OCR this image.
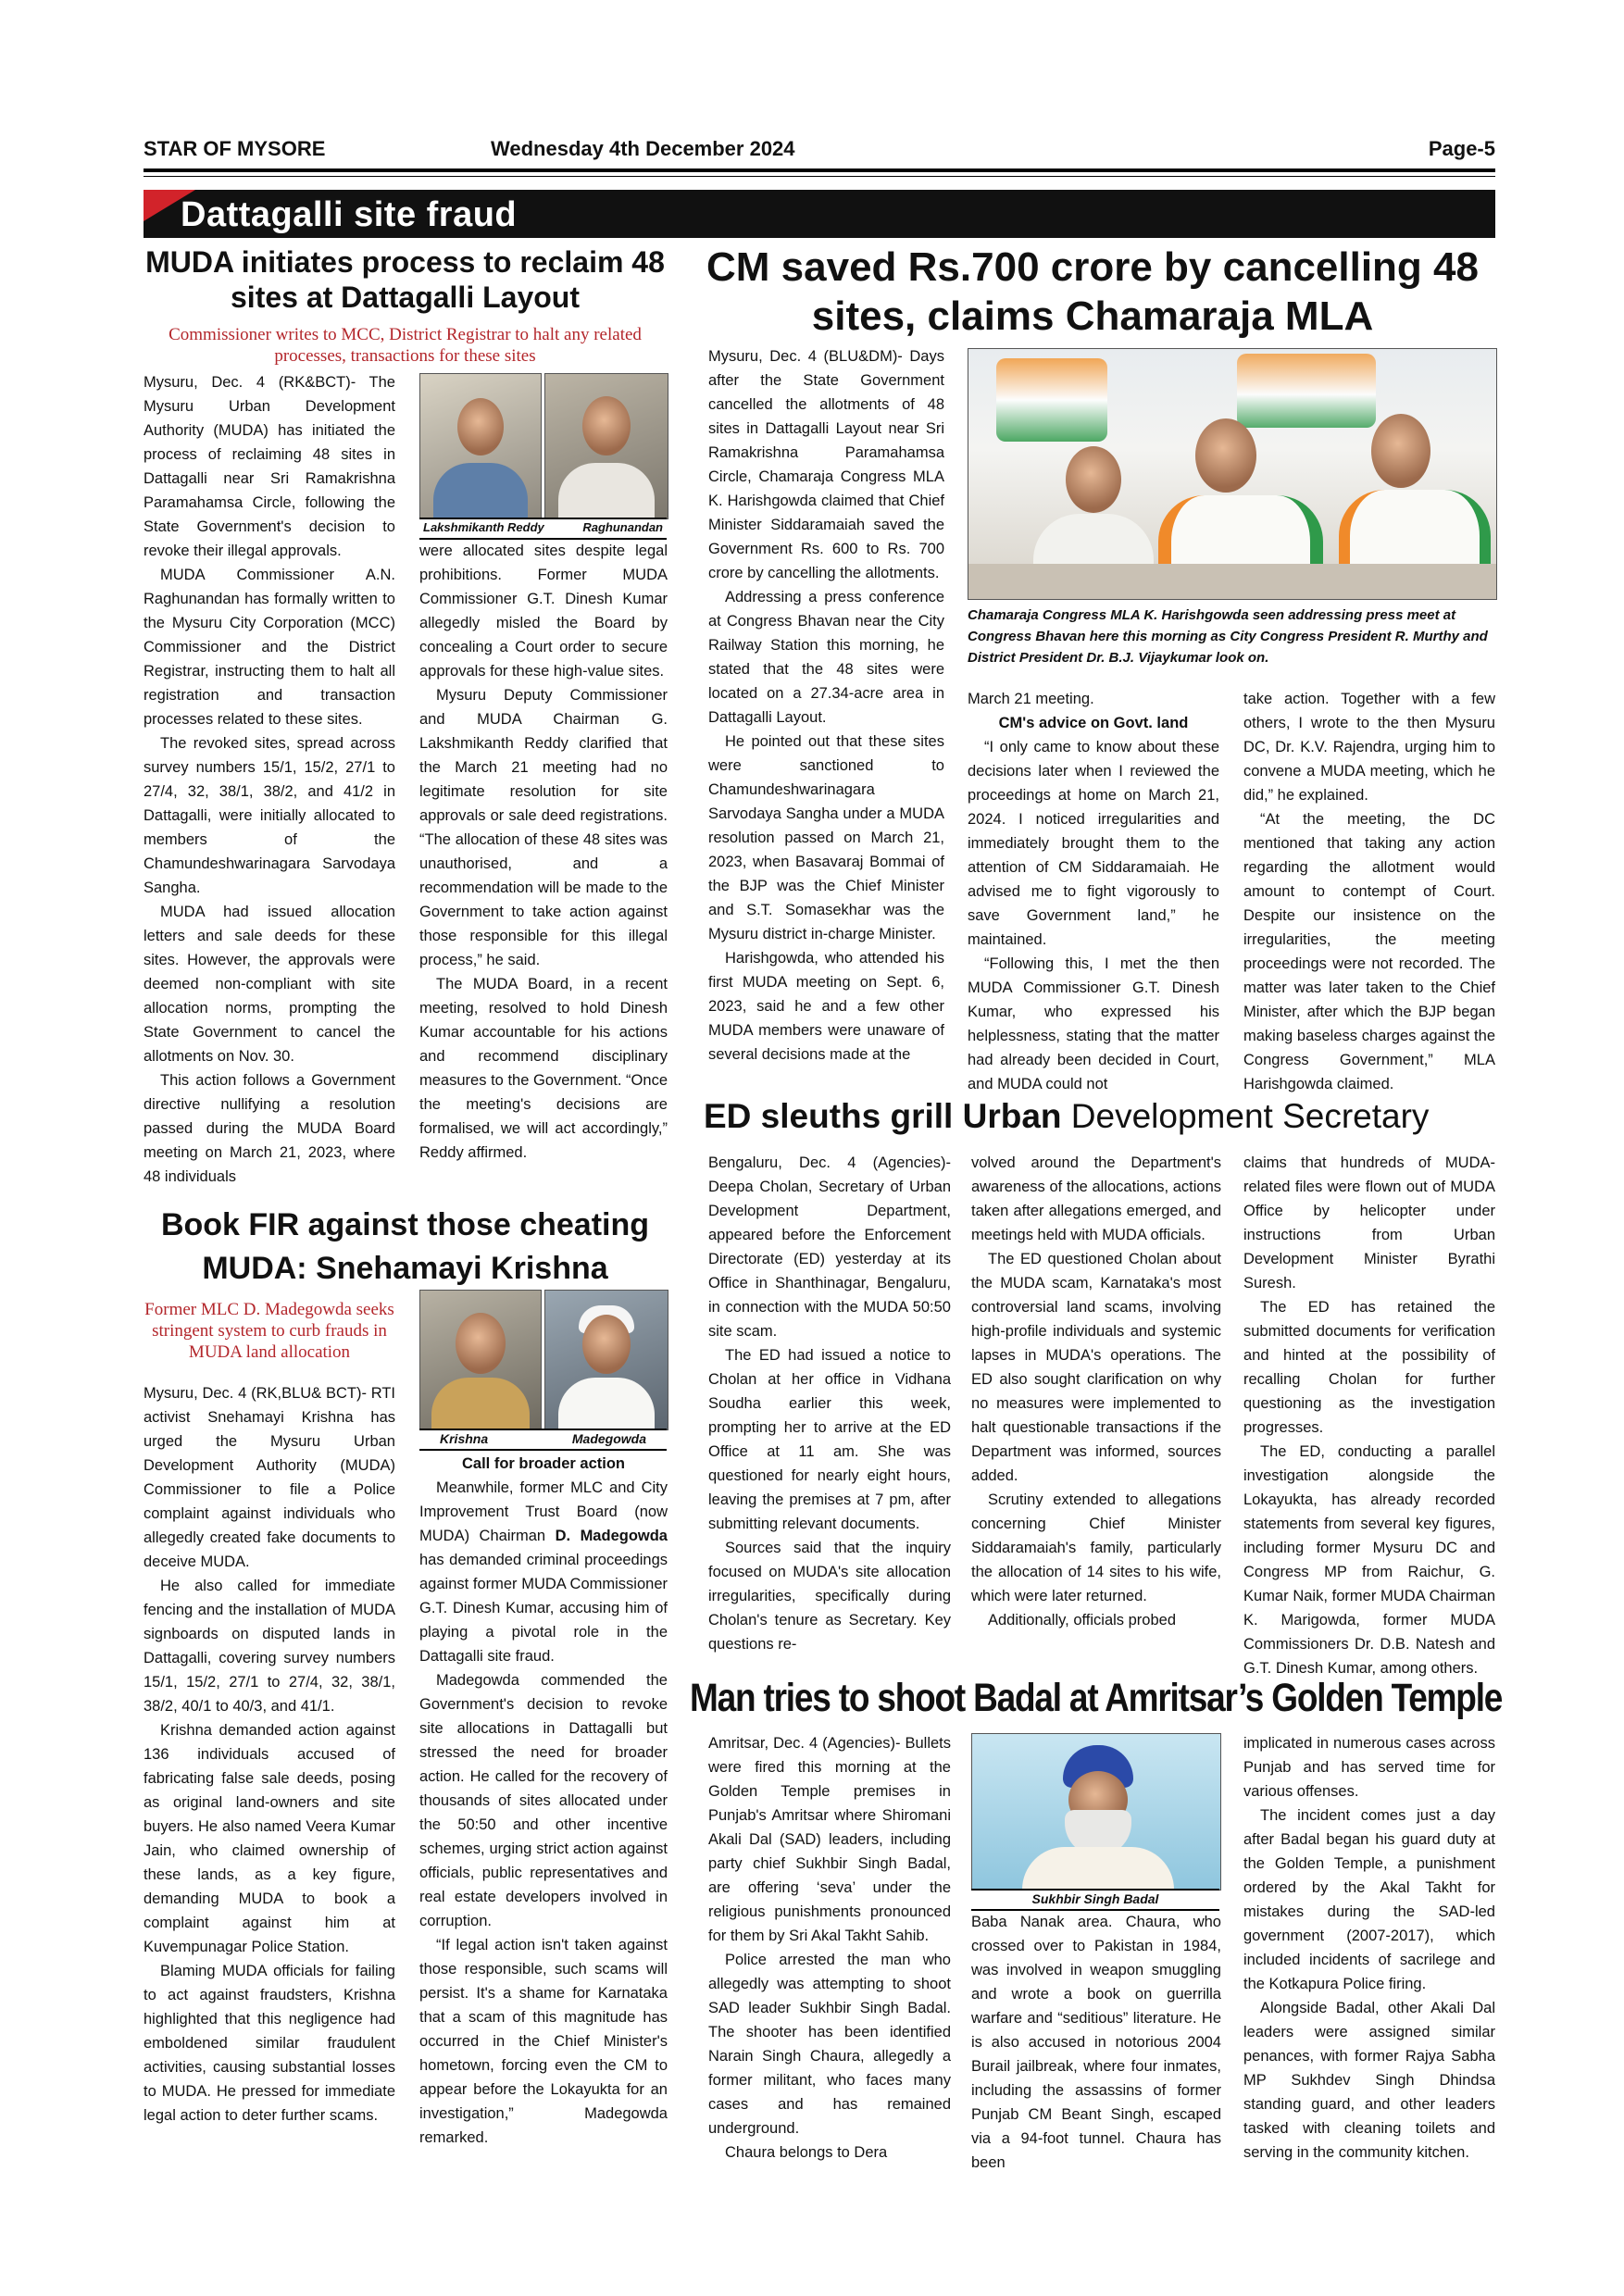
STAR OF MYSORE	Wednesday 4th December 2024	Page-5
Dattagalli site fraud
MUDA initiates process to reclaim 48 sites at Dattagalli Layout
Commissioner writes to MCC, District Registrar to halt any related processes, transactions for these sites

Mysuru, Dec. 4 (RK&BCT)- The Mysuru Urban Development Authority (MUDA) has initiated the process of reclaiming 48 sites in Dattagalli near Sri Ramakrishna Paramahamsa Circle, following the State Government's decision to revoke their illegal approvals.

MUDA Commissioner A.N. Raghunandan has formally written to the Mysuru City Corporation (MCC) Commissioner and the District Registrar, instructing them to halt all registration and transaction processes related to these sites.

The revoked sites, spread across survey numbers 15/1, 15/2, 27/1 to 27/4, 32, 38/1, 38/2, and 41/2 in Dattagalli, were initially allocated to members of the Chamundeshwarinagara Sarvodaya Sangha.

MUDA had issued allocation letters and sale deeds for these sites. However, the approvals were deemed non-compliant with site allocation norms, prompting the State Government to cancel the allotments on Nov. 30.

This action follows a Government directive nullifying a resolution passed during the MUDA Board meeting on March 21, 2023, where 48 individuals

Lakshmikanth Reddy	Raghunandan

were allocated sites despite legal prohibitions. Former MUDA Commissioner G.T. Dinesh Kumar allegedly misled the Board by concealing a Court order to secure approvals for these high-value sites.

Mysuru Deputy Commissioner and MUDA Chairman G. Lakshmikanth Reddy clarified that the March 21 meeting had no legitimate resolution for site approvals or sale deed registrations. “The allocation of these 48 sites was unauthorised, and a recommendation will be made to the Government to take action against those responsible for this illegal process,” he said.

The MUDA Board, in a recent meeting, resolved to hold Dinesh Kumar accountable for his actions and recommend disciplinary measures to the Government. “Once the meeting's decisions are formalised, we will act accordingly,” Reddy affirmed.

CM saved Rs.700 crore by cancelling 48 sites, claims Chamaraja MLA

Mysuru, Dec. 4 (BLU&DM)- Days after the State Government cancelled the allotments of 48 sites in Dattagalli Layout near Sri Ramakrishna Paramahamsa Circle, Chamaraja Congress MLA K. Harishgowda claimed that Chief Minister Siddaramaiah saved the Government Rs. 600 to Rs. 700 crore by cancelling the allotments.

Addressing a press conference at Congress Bhavan near the City Railway Station this morning, he stated that the 48 sites were located on a 27.34-acre area in Dattagalli Layout.

He pointed out that these sites were sanctioned to Chamundeshwarinagara Sarvodaya Sangha under a MUDA resolution passed on March 21, 2023, when Basavaraj Bommai of the BJP was the Chief Minister and S.T. Somasekhar was the Mysuru district in-charge Minister.

Harishgowda, who attended his first MUDA meeting on Sept. 6, 2023, said he and a few other MUDA members were unaware of several decisions made at the

Chamaraja Congress MLA K. Harishgowda seen addressing press meet at Congress Bhavan here this morning as City Congress President R. Murthy and District President Dr. B.J. Vijaykumar look on.

March 21 meeting.

CM's advice on Govt. land

“I only came to know about these decisions later when I reviewed the proceedings at home on March 21, 2024. I noticed irregularities and immediately brought them to the attention of CM Siddaramaiah. He advised me to fight vigorously to save Government land,” he maintained.

“Following this, I met the then MUDA Commissioner G.T. Dinesh Kumar, who expressed his helplessness, stating that the matter had already been decided in Court, and MUDA could not

take action. Together with a few others, I wrote to the then Mysuru DC, Dr. K.V. Rajendra, urging him to convene a MUDA meeting, which he did,” he explained.

“At the meeting, the DC mentioned that taking any action regarding the allotment would amount to contempt of Court. Despite our insistence on the irregularities, the meeting proceedings were not recorded. The matter was later taken to the Chief Minister, after which the BJP began making baseless charges against the Congress Government,” MLA Harishgowda claimed.

ED sleuths grill Urban Development Secretary

Bengaluru, Dec. 4 (Agencies)- Deepa Cholan, Secretary of Urban Development Department, appeared before the Enforcement Directorate (ED) yesterday at its Office in Shanthinagar, Bengaluru, in connection with the MUDA 50:50 site scam.

The ED had issued a notice to Cholan at her office in Vidhana Soudha earlier this week, prompting her to arrive at the ED Office at 11 am. She was questioned for nearly eight hours, leaving the premises at 7 pm, after submitting relevant documents.

Sources said that the inquiry focused on MUDA's site allocation irregularities, specifically during Cholan's tenure as Secretary. Key questions re-

volved around the Department's awareness of the allocations, actions taken after allegations emerged, and meetings held with MUDA officials.

The ED questioned Cholan about the MUDA scam, Karnataka's most controversial land scams, involving high-profile individuals and systemic lapses in MUDA's operations. The ED also sought clarification on why no measures were implemented to halt questionable transactions if the Department was informed, sources added.

Scrutiny extended to allegations concerning Chief Minister Siddaramaiah's family, particularly the allocation of 14 sites to his wife, which were later returned.

Additionally, officials probed

claims that hundreds of MUDA-related files were flown out of MUDA Office by helicopter under instructions from Urban Development Minister Byrathi Suresh.

The ED has retained the submitted documents for verification and hinted at the possibility of recalling Cholan for further questioning as the investigation progresses.

The ED, conducting a parallel investigation alongside the Lokayukta, has already recorded statements from several key figures, including former Mysuru DC and Congress MP from Raichur, G. Kumar Naik, former MUDA Chairman K. Marigowda, former MUDA Commissioners Dr. D.B. Natesh and G.T. Dinesh Kumar, among others.

Book FIR against those cheating MUDA: Snehamayi Krishna
Former MLC D. Madegowda seeks stringent system to curb frauds in MUDA land allocation

Mysuru, Dec. 4 (RK,BLU& BCT)- RTI activist Snehamayi Krishna has urged the Mysuru Urban Development Authority (MUDA) Commissioner to file a Police complaint against individuals who allegedly created fake documents to deceive MUDA.

He also called for immediate fencing and the installation of MUDA signboards on disputed lands in Dattagalli, covering survey numbers 15/1, 15/2, 27/1 to 27/4, 32, 38/1, 38/2, 40/1 to 40/3, and 41/1.

Krishna demanded action against 136 individuals accused of fabricating false sale deeds, posing as original land-owners and site buyers. He also named Veera Kumar Jain, who claimed ownership of these lands, as a key figure, demanding MUDA to book a complaint against him at Kuvempunagar Police Station.

Blaming MUDA officials for failing to act against fraudsters, Krishna highlighted that this negligence had emboldened similar fraudulent activities, causing substantial losses to MUDA. He pressed for immediate legal action to deter further scams.

Krishna	Madegowda

Call for broader action

Meanwhile, former MLC and City Improvement Trust Board (now MUDA) Chairman D. Madegowda has demanded criminal proceedings against former MUDA Commissioner G.T. Dinesh Kumar, accusing him of playing a pivotal role in the Dattagalli site fraud.

Madegowda commended the Government's decision to revoke site allocations in Dattagalli but stressed the need for broader action. He called for the recovery of thousands of sites allocated under the 50:50 and other incentive schemes, urging strict action against officials, public representatives and real estate developers involved in corruption.

“If legal action isn't taken against those responsible, such scams will persist. It's a shame for Karnataka that a scam of this magnitude has occurred in the Chief Minister's hometown, forcing even the CM to appear before the Lokayukta for an investigation,” Madegowda remarked.

Man tries to shoot Badal at Amritsar’s Golden Temple

Amritsar, Dec. 4 (Agencies)- Bullets were fired this morning at the Golden Temple premises in Punjab's Amritsar where Shiromani Akali Dal (SAD) leaders, including party chief Sukhbir Singh Badal, are offering ‘seva’ under the religious punishments pronounced for them by Sri Akal Takht Sahib.

Police arrested the man who allegedly was attempting to shoot SAD leader Sukhbir Singh Badal. The shooter has been identified Narain Singh Chaura, allegedly a former militant, who faces many cases and has remained underground.

Chaura belongs to Dera

Sukhbir Singh Badal

Baba Nanak area. Chaura, who crossed over to Pakistan in 1984, was involved in weapon smuggling and wrote a book on guerrilla warfare and “seditious” literature. He is also accused in notorious 2004 Burail jailbreak, where four inmates, including the assassins of former Punjab CM Beant Singh, escaped via a 94-foot tunnel. Chaura has been

implicated in numerous cases across Punjab and has served time for various offenses.

The incident comes just a day after Badal began his guard duty at the Golden Temple, a punishment ordered by the Akal Takht for mistakes during the SAD-led government (2007-2017), which included incidents of sacrilege and the Kotkapura Police firing.

Alongside Badal, other Akali Dal leaders were assigned similar penances, with former Rajya Sabha MP Sukhdev Singh Dhindsa standing guard, and other leaders tasked with cleaning toilets and serving in the community kitchen.
